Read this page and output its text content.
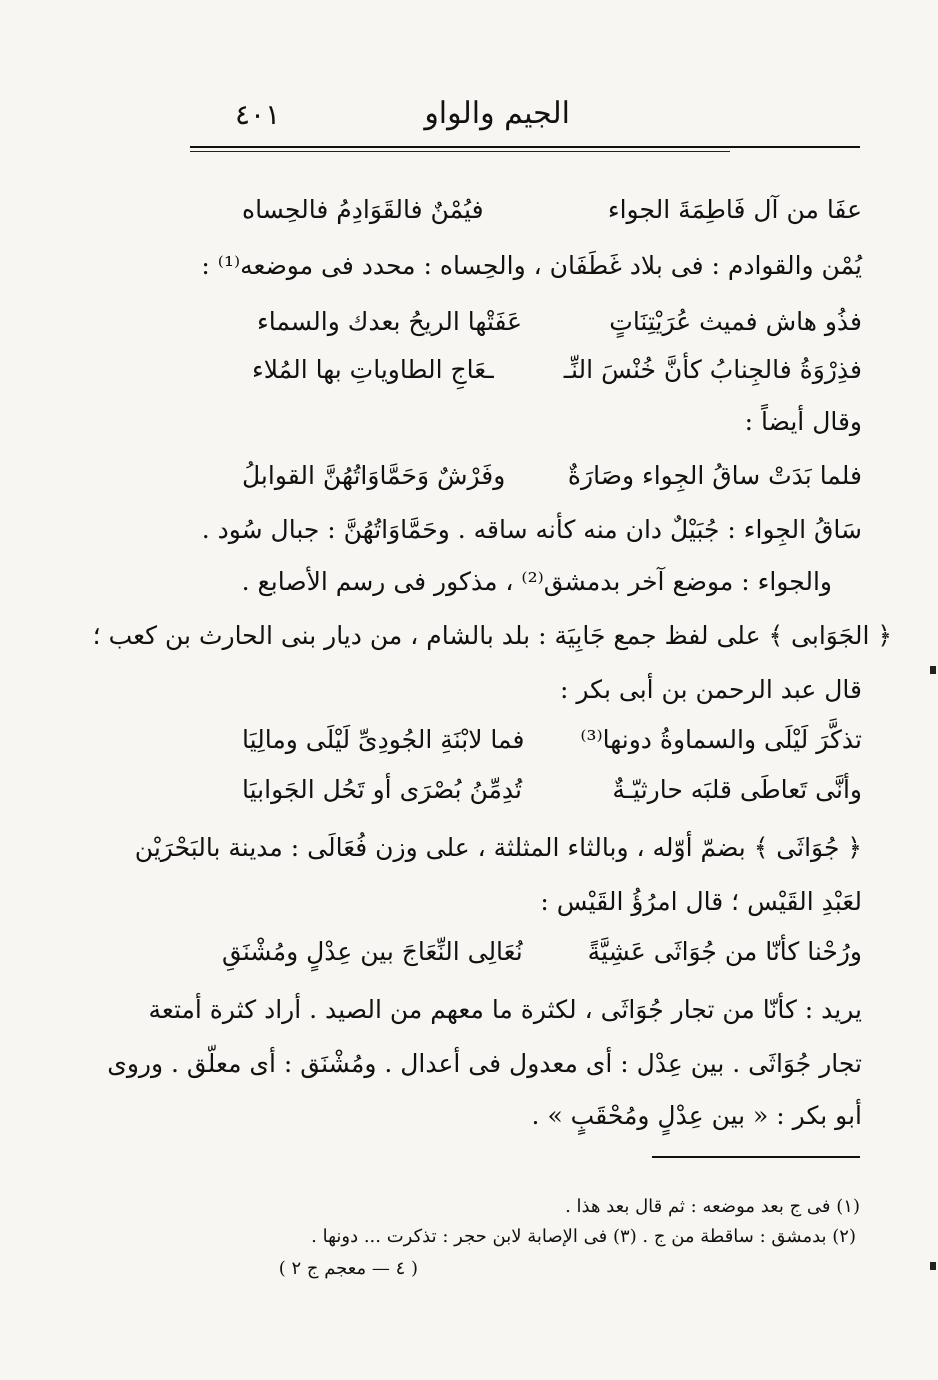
الجيم والواو
٤٠١
عفَا من آل فَاطِمَةَ الجواء
فيُمْنٌ فالقَوَادِمُ فالحِساه
يُمْن والقوادم : فى بلاد غَطَفَان ، والحِساه : محدد فى موضعه⁽¹⁾ :
فذُو هاش فميث عُرَيْتِنَاتٍ
عَفَتْها الريحُ بعدك والسماء
فذِرْوَةُ فالجِنابُ كأنَّ خُنْسَ النِّـ
ـعَاجِ الطاوياتِ بها المُلاء
وقال أيضاً :
فلما بَدَتْ ساقُ الجِواء وصَارَةٌ
وفَرْشٌ وَحَمَّاوَاتُهُنَّ القوابلُ
سَاقُ الجِواء : جُبَيْلٌ دان منه كأنه ساقه . وحَمَّاوَاتُهُنَّ : جبال سُود .
والجواء : موضع آخر بدمشق⁽²⁾ ، مذكور فى رسم الأصابع .
﴿ الجَوَابى ﴾ على لفظ جمع جَابِيَة : بلد بالشام ، من ديار بنى الحارث بن كعب ؛
قال عبد الرحمن بن أبى بكر :
تذكَّرَ لَيْلَى والسماوةُ دونها⁽³⁾
فما لابْنَةِ الجُودِىِّ لَيْلَى ومالِيَا
وأنَّى تَعاطَى قلبَه حارثيّـةٌ
تُدِمِّنُ بُصْرَى أو تَحُل الجَوابيَا
﴿ جُوَاثَى ﴾ بضمّ أوّله ، وبالثاء المثلثة ، على وزن فُعَالَى : مدينة بالبَحْرَيْن
لعَبْدِ القَيْس ؛ قال امرُؤُ القَيْس :
ورُحْنا كأنّا من جُوَاثَى عَشِيَّةً
نُعَالِى النِّعَاجَ بين عِدْلٍ ومُشْنَقِ
يريد : كأنّا من تجار جُوَاثَى ، لكثرة ما معهم من الصيد . أراد كثرة أمتعة
تجار جُوَاثَى . بين عِدْل : أى معدول فى أعدال . ومُشْنَق : أى معلّق . وروى
أبو بكر : « بين عِدْلٍ ومُحْقَبٍ » .
(١) فى ج بعد موضعه : ثم قال بعد هذا .
(٢) بدمشق : ساقطة من ج . (٣) فى الإصابة لابن حجر : تذكرت ... دونها .
( ٤ — معجم ج ٢ )
